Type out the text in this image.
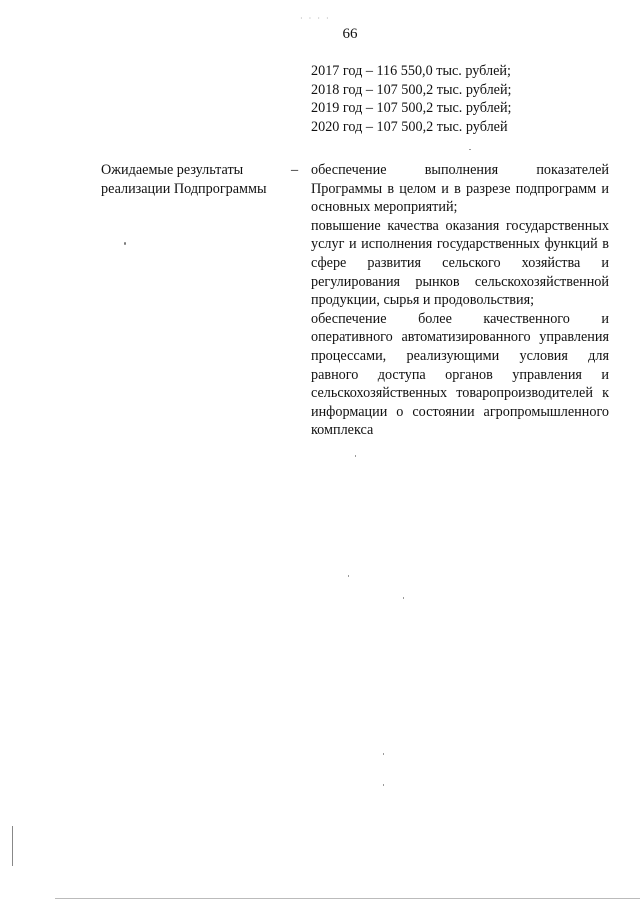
· · · ·
66
2017 год – 116 550,0 тыс. рублей;
2018 год – 107 500,2 тыс. рублей;
2019 год – 107 500,2 тыс. рублей;
2020 год – 107 500,2 тыс. рублей
Ожидаемые результаты реализации Подпрограммы
– обеспечение выполнения показателей Программы в целом и в разрезе подпрограмм и основных мероприятий;

повышение качества оказания государственных услуг и исполнения государственных функций в сфере развития сельского хозяйства и регулирования рынков сельскохозяйственной продукции, сырья и продовольствия;

обеспечение более качественного и оперативного автоматизированного управления процессами, реализующими условия для равного доступа органов управления и сельскохозяйственных товаропроизводителей к информации о состоянии агропромышленного комплекса
